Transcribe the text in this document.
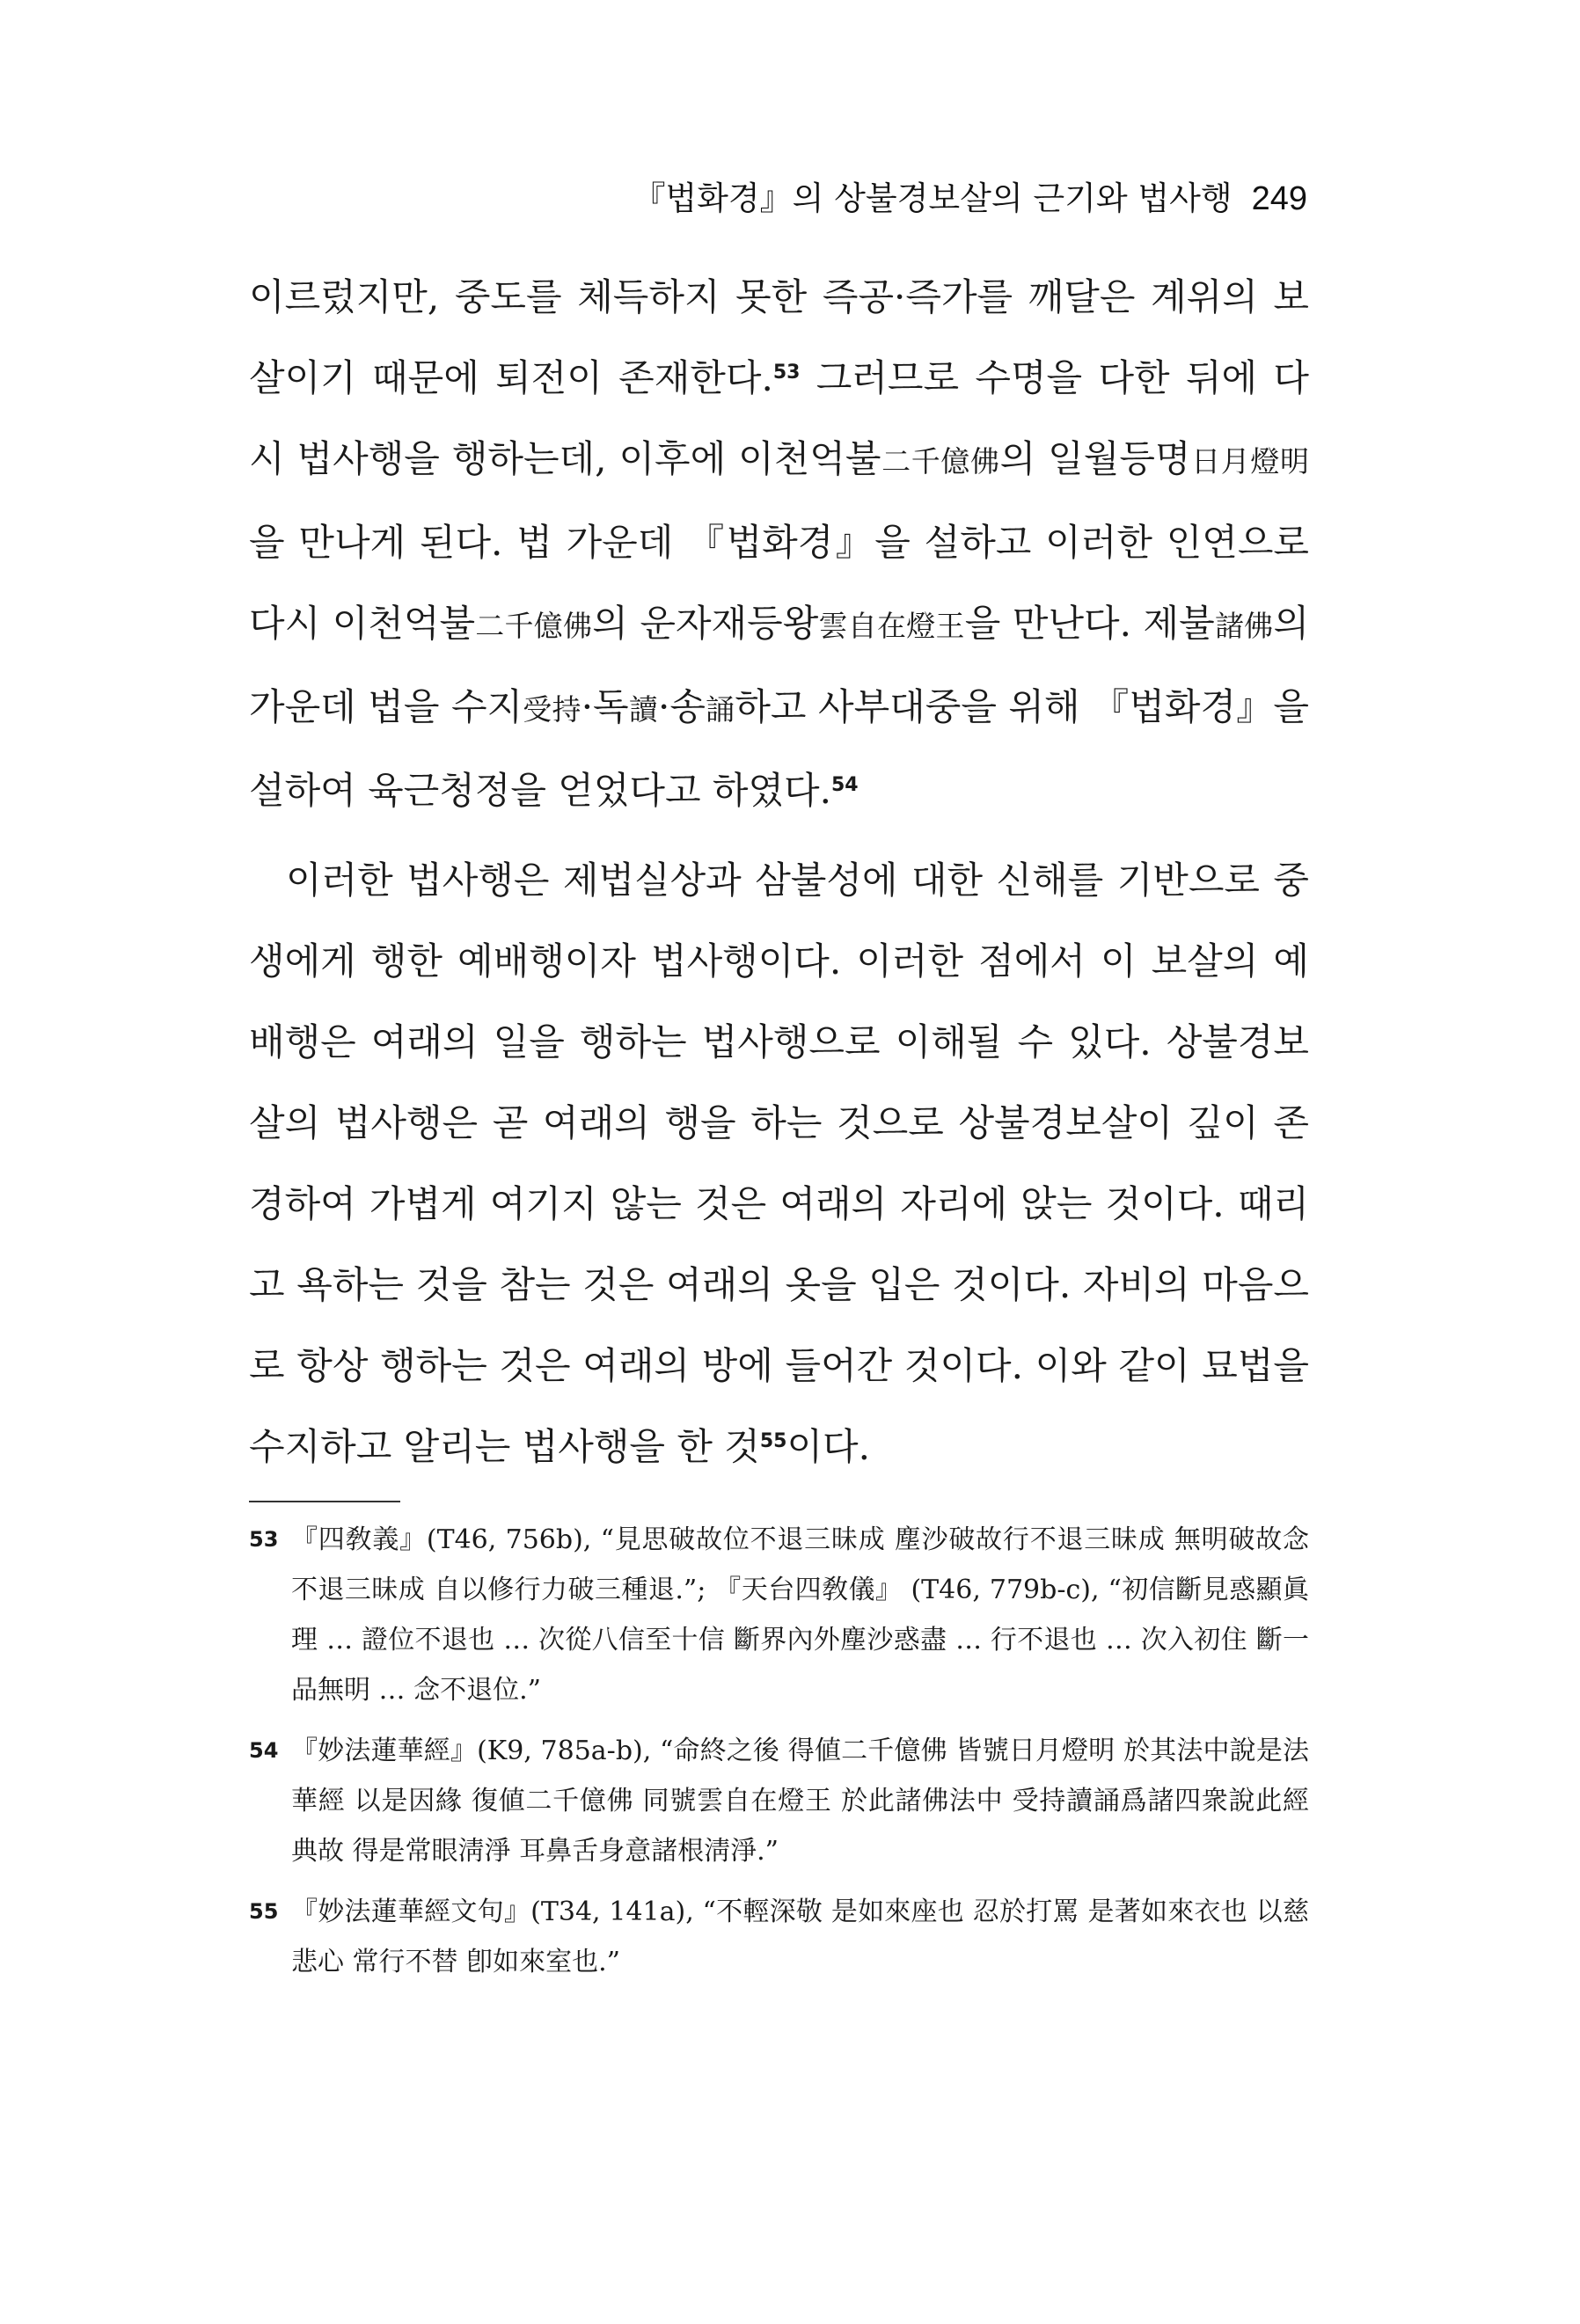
『법화경』의 상불경보살의 근기와 법사행 249

이르렀지만, 중도를 체득하지 못한 즉공·즉가를 깨달은 계위의 보살이기 때문에 퇴전이 존재한다.$^{53}$ 그러므로 수명을 다한 뒤에 다시 법사행을 행하는데, 이후에 이천억불二千億佛의 일월등명日月燈明을 만나게 된다. 법 가운데 『법화경』을 설하고 이러한 인연으로 다시 이천억불二千億佛의 운자재등왕雲自在燈王을 만난다. 제불諸佛의 가운데 법을 수지受持·독讀·송誦하고 사부대중을 위해 『법화경』을 설하여 육근청정을 얻었다고 하였다.$^{54}$

이러한 법사행은 제법실상과 삼불성에 대한 신해를 기반으로 중생에게 행한 예배행이자 법사행이다. 이러한 점에서 이 보살의 예배행은 여래의 일을 행하는 법사행으로 이해될 수 있다. 상불경보살의 법사행은 곧 여래의 행을 하는 것으로 상불경보살이 깊이 존경하여 가볍게 여기지 않는 것은 여래의 자리에 앉는 것이다. 때리고 욕하는 것을 참는 것은 여래의 옷을 입은 것이다. 자비의 마음으로 항상 행하는 것은 여래의 방에 들어간 것이다. 이와 같이 묘법을 수지하고 알리는 법사행을 한 것$^{55}$이다.

53 『四敎義』(T46, 756b), “見思破故位不退三昧成 塵沙破故行不退三昧成 無明破故念不退三昧成 自以修行力破三種退.”; 『天台四敎儀』 (T46, 779b-c), “初信斷見惑顯眞理 … 證位不退也 … 次從八信至十信 斷界內外塵沙惑盡 … 行不退也 … 次入初住 斷一品無明 … 念不退位.”
54 『妙法蓮華經』(K9, 785a-b), “命終之後 得値二千億佛 皆號日月燈明 於其法中說是法華經 以是因緣 復値二千億佛 同號雲自在燈王 於此諸佛法中 受持讀誦爲諸四衆說此經典故 得是常眼淸淨 耳鼻舌身意諸根淸淨.”
55 『妙法蓮華經文句』(T34, 141a), “不輕深敬 是如來座也 忍於打罵 是著如來衣也 以慈悲心 常行不替 卽如來室也.”
